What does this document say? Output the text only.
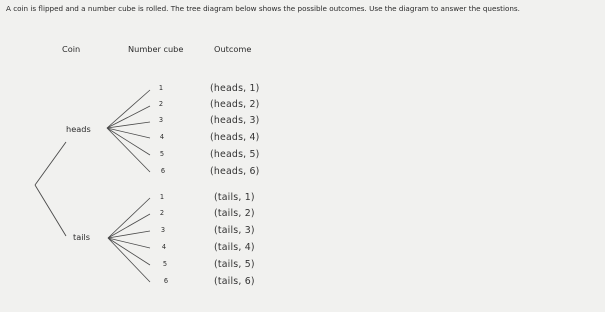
A coin is flipped and a number cube is rolled. The tree diagram below shows the possible outcomes. Use the diagram to answer the questions.
Coin	Number cube	Outcome
heads
tails
1
2
3
4
5
6
1
2
3
4
5
6
(heads, 1)
(heads, 2)
(heads, 3)
(heads, 4)
(heads, 5)
(heads, 6)
(tails, 1)
(tails, 2)
(tails, 3)
(tails, 4)
(tails, 5)
(tails, 6)
